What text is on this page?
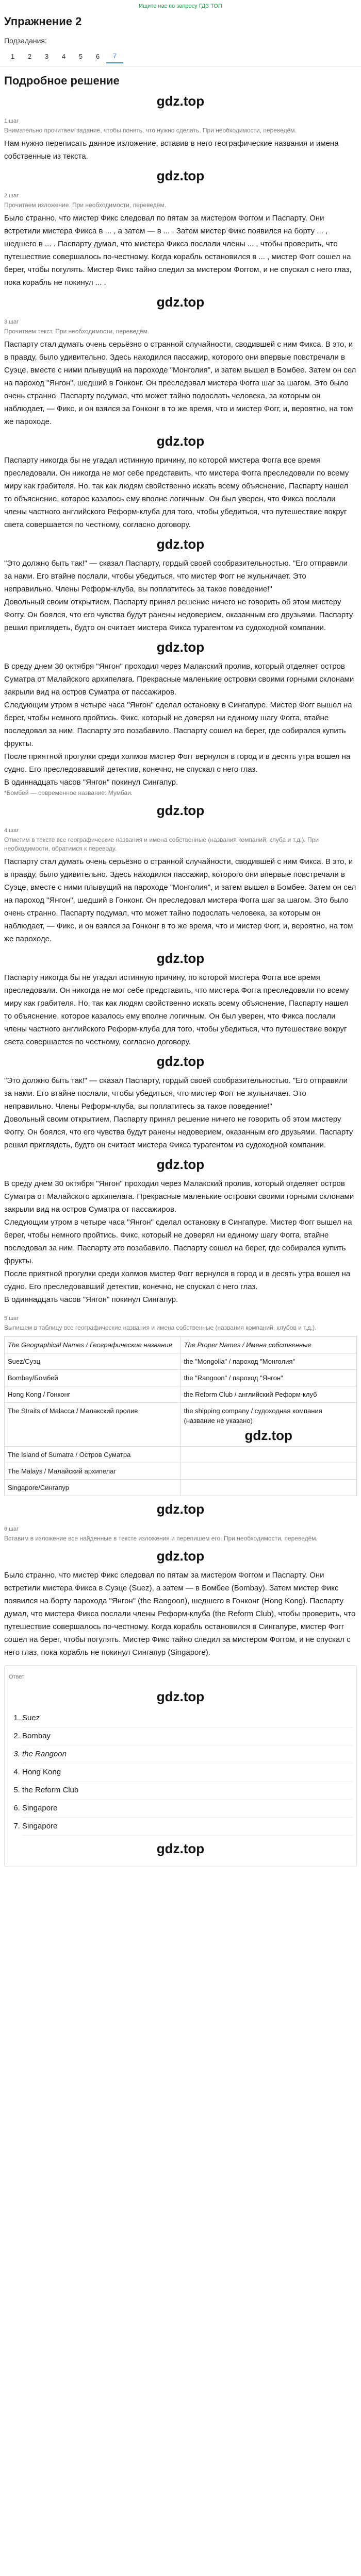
Ищите нас по запросу ГДЗ ТОП
Упражнение 2
Подзадания:
1	2	3	4	5	6	7
Подробное решение
gdz.top
1 шаг
Внимательно прочитаем задание, чтобы понять, что нужно сделать. При необходимости, переведём.

Нам нужно переписать данное изложение, вставив в него географические названия и имена собственные из текста.

gdz.top
2 шаг
Прочитаем изложение. При необходимости, переведём.

Было странно, что мистер Фикс следовал по пятам за мистером Фоггом и Паспарту. Они встретили мистера Фикса в ... , а затем — в ... . Затем мистер Фикс появился на борту ... , шедшего в ... . Паспарту думал, что мистера Фикса послали члены ... , чтобы проверить, что путешествие совершалось по-честному. Когда корабль остановился в ... , мистер Фогг сошел на берег, чтобы погулять. Мистер Фикс тайно следил за мистером Фоггом, и не спускал с него глаз, пока корабль не покинул ... .

gdz.top
3 шаг
Прочитаем текст. При необходимости, переведём.

Паспарту стал думать очень серьёзно о странной случайности, сводившей с ним Фикса. В это, и в правду, было удивительно. Здесь находился пассажир, которого они впервые повстречали в Суэце, вместе с ними плывущий на пароходе "Монголия", и затем вышел в Бомбее. Затем он сел на пароход "Янгон", шедший в Гонконг. Он преследовал мистера Фогга шаг за шагом. Это было очень странно. Паспарту подумал, что может тайно подослать человека, за которым он наблюдает, — Фикс, и он взялся за Гонконг в то же время, что и мистер Фогг, и, вероятно, на том же пароходе.

gdz.top

Паспарту никогда бы не угадал истинную причину, по которой мистера Фогга все время преследовали. Он никогда не мог себе представить, что мистера Фогга преследовали по всему миру как грабителя. Но, так как людям свойственно искать всему объяснение, Паспарту нашел то объяснение, которое казалось ему вполне логичным. Он был уверен, что Фикса послали члены частного английского Реформ-клуба для того, чтобы убедиться, что путешествие вокруг света совершается по честному, согласно договору.

gdz.top

"Это должно быть так!" — сказал Паспарту, гордый своей сообразительностью. "Его отправили за нами. Его втайне послали, чтобы убедиться, что мистер Фогг не жульничает. Это неправильно. Члены Реформ-клуба, вы поплатитесь за такое поведение!"

Довольный своим открытием, Паспарту принял решение ничего не говорить об этом мистеру Фоггу. Он боялся, что его чувства будут ранены недоверием, оказанным его друзьями. Паспарту решил приглядеть, будто он считает мистера Фикса турагентом из судоходной компании.

gdz.top

В среду днем 30 октября "Янгон" проходил через Малакский пролив, который отделяет остров Суматра от Малайского архипелага. Прекрасные маленькие островки своими горными склонами закрыли вид на остров Суматра от пассажиров.

Следующим утром в четыре часа "Янгон" сделал остановку в Сингапуре. Мистер Фогг вышел на берег, чтобы немного пройтись. Фикс, который не доверял ни единому шагу Фогга, втайне последовал за ним. Паспарту это позабавило. Паспарту сошел на берег, где собирался купить фрукты.

После приятной прогулки среди холмов мистер Фогг вернулся в город и в десять утра вошел на судно. Его преследовавший детектив, конечно, не спускал с него глаз.

В одиннадцать часов "Янгон" покинул Сингапур.

*Бомбей — современное название: Мумбаи.

gdz.top
4 шаг
Отметим в тексте все географические названия и имена собственные (названия компаний, клуба и т.д.). При необходимости, обратимся к переводу.

Паспарту стал думать очень серьёзно о странной случайности, сводившей с ним Фикса. В это, и в правду, было удивительно. Здесь находился пассажир, которого они впервые повстречали в Суэце, вместе с ними плывущий на пароходе "Монголия", и затем вышел в Бомбее. Затем он сел на пароход "Янгон", шедший в Гонконг. Он преследовал мистера Фогга шаг за шагом. Это было очень странно. Паспарту подумал, что может тайно подослать человека, за которым он наблюдает, — Фикс, и он взялся за Гонконг в то же время, что и мистер Фогг, и, вероятно, на том же пароходе.

gdz.top

Паспарту никогда бы не угадал истинную причину, по которой мистера Фогга все время преследовали. Он никогда не мог себе представить, что мистера Фогга преследовали по всему миру как грабителя. Но, так как людям свойственно искать всему объяснение, Паспарту нашел то объяснение, которое казалось ему вполне логичным. Он был уверен, что Фикса послали члены частного английского Реформ-клуба для того, чтобы убедиться, что путешествие вокруг света совершается по честному, согласно договору.

gdz.top

"Это должно быть так!" — сказал Паспарту, гордый своей сообразительностью. "Его отправили за нами. Его втайне послали, чтобы убедиться, что мистер Фогг не жульничает. Это неправильно. Члены Реформ-клуба, вы поплатитесь за такое поведение!"

Довольный своим открытием, Паспарту принял решение ничего не говорить об этом мистеру Фоггу. Он боялся, что его чувства будут ранены недоверием, оказанным его друзьями. Паспарту решил приглядеть, будто он считает мистера Фикса турагентом из судоходной компании.

gdz.top

В среду днем 30 октября "Янгон" проходил через Малакский пролив, который отделяет остров Суматра от Малайского архипелага. Прекрасные маленькие островки своими горными склонами закрыли вид на остров Суматра от пассажиров.

Следующим утром в четыре часа "Янгон" сделал остановку в Сингапуре. Мистер Фогг вышел на берег, чтобы немного пройтись. Фикс, который не доверял ни единому шагу Фогга, втайне последовал за ним. Паспарту это позабавило. Паспарту сошел на берег, где собирался купить фрукты.

После приятной прогулки среди холмов мистер Фогг вернулся в город и в десять утра вошел на судно. Его преследовавший детектив, конечно, не спускал с него глаз.

В одиннадцать часов "Янгон" покинул Сингапур.

5 шаг
Выпишем в таблицу все географические названия и имена собственные (названия компаний, клубов и т.д.).
The Geographical Names / Географические названия	The Proper Names / Имена собственные
Suez/Суэц	the "Mongolia" / пароход "Монголия"
Bombay/Бомбей	the "Rangoon" / пароход "Янгон"
Hong Kong / Гонконг	the Reform Club / английский Реформ-клуб
The Straits of Malacca / Малакский пролив	the shipping company / судоходная компания (название не указано)
gdz.top

The Island of Sumatra / Остров Суматра	
The Malays / Малайский архипелаг	
Singapore/Сингапур	
gdz.top
6 шаг
Вставим в изложение все найденные в тексте изложения и перепишем его. При необходимости, переведём.
gdz.top

Было странно, что мистер Фикс следовал по пятам за мистером Фоггом и Паспарту. Они встретили мистера Фикса в Суэце (Suez), а затем — в Бомбее (Bombay). Затем мистер Фикс появился на борту парохода "Янгон" (the Rangoon), шедшего в Гонконг (Hong Kong). Паспарту думал, что мистера Фикса послали члены Реформ-клуба (the Reform Club), чтобы проверить, что путешествие совершалось по-честному. Когда корабль остановился в Сингапуре, мистер Фогг сошел на берег, чтобы погулять. Мистер Фикс тайно следил за мистером Фоггом, и не спускал с него глаз, пока корабль не покинул Сингапур (Singapore).

Ответ
gdz.top
1. Suez
2. Bombay
3. the Rangoon
4. Hong Kong
5. the Reform Club
6. Singapore
7. Singapore
gdz.top
